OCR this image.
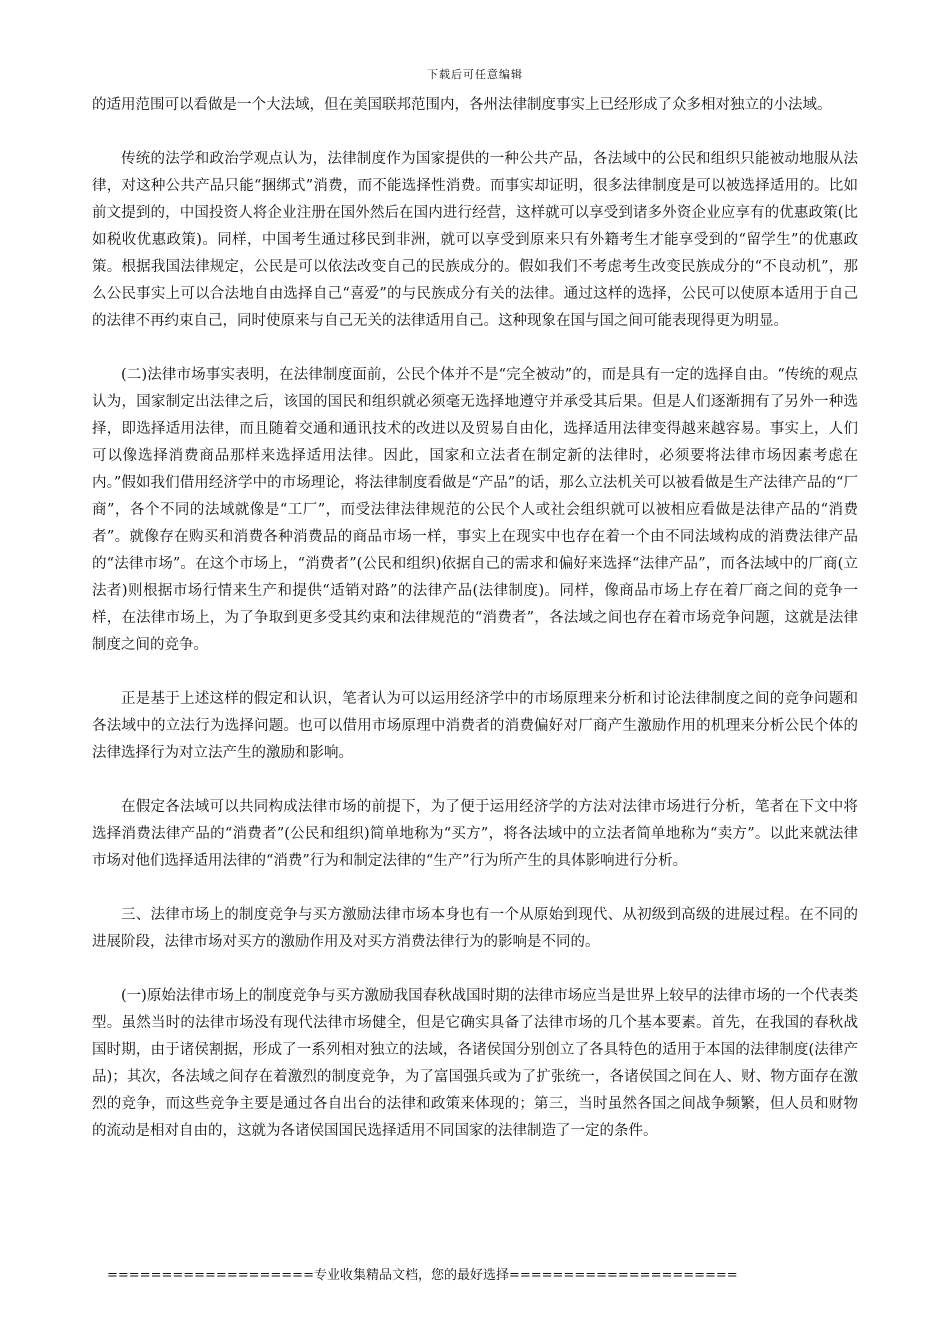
下载后可任意编辑

的适用范围可以看做是一个大法域，但在美国联邦范围内，各州法律制度事实上已经形成了众多相对独立的小法域。

传统的法学和政治学观点认为，法律制度作为国家提供的一种公共产品，各法域中的公民和组织只能被动地服从法律，对这种公共产品只能“捆绑式”消费，而不能选择性消费。而事实却证明，很多法律制度是可以被选择适用的。比如前文提到的，中国投资人将企业注册在国外然后在国内进行经营，这样就可以享受到诸多外资企业应享有的优惠政策(比如税收优惠政策)。同样，中国考生通过移民到非洲，就可以享受到原来只有外籍考生才能享受到的“留学生”的优惠政策。根据我国法律规定，公民是可以依法改变自己的民族成分的。假如我们不考虑考生改变民族成分的“不良动机”，那么公民事实上可以合法地自由选择自己“喜爱”的与民族成分有关的法律。通过这样的选择，公民可以使原本适用于自己的法律不再约束自己，同时使原来与自己无关的法律适用自己。这种现象在国与国之间可能表现得更为明显。

(二)法律市场事实表明，在法律制度面前，公民个体并不是“完全被动”的，而是具有一定的选择自由。“传统的观点认为，国家制定出法律之后，该国的国民和组织就必须毫无选择地遵守并承受其后果。但是人们逐渐拥有了另外一种选择，即选择适用法律，而且随着交通和通讯技术的改进以及贸易自由化，选择适用法律变得越来越容易。事实上，人们可以像选择消费商品那样来选择适用法律。因此，国家和立法者在制定新的法律时，必须要将法律市场因素考虑在内。”假如我们借用经济学中的市场理论，将法律制度看做是“产品”的话，那么立法机关可以被看做是生产法律产品的“厂商”，各个不同的法域就像是“工厂”，而受法律法律规范的公民个人或社会组织就可以被相应看做是法律产品的“消费者”。就像存在购买和消费各种消费品的商品市场一样，事实上在现实中也存在着一个由不同法域构成的消费法律产品的“法律市场”。在这个市场上，“消费者”(公民和组织)依据自己的需求和偏好来选择“法律产品”，而各法域中的厂商(立法者)则根据市场行情来生产和提供“适销对路”的法律产品(法律制度)。同样，像商品市场上存在着厂商之间的竞争一样，在法律市场上，为了争取到更多受其约束和法律规范的“消费者”，各法域之间也存在着市场竞争问题，这就是法律制度之间的竞争。

正是基于上述这样的假定和认识，笔者认为可以运用经济学中的市场原理来分析和讨论法律制度之间的竞争问题和各法域中的立法行为选择问题。也可以借用市场原理中消费者的消费偏好对厂商产生激励作用的机理来分析公民个体的法律选择行为对立法产生的激励和影响。

在假定各法域可以共同构成法律市场的前提下，为了便于运用经济学的方法对法律市场进行分析，笔者在下文中将选择消费法律产品的“消费者”(公民和组织)简单地称为“买方”，将各法域中的立法者简单地称为“卖方”。以此来就法律市场对他们选择适用法律的“消费”行为和制定法律的“生产”行为所产生的具体影响进行分析。

三、法律市场上的制度竞争与买方激励法律市场本身也有一个从原始到现代、从初级到高级的进展过程。在不同的进展阶段，法律市场对买方的激励作用及对买方消费法律行为的影响是不同的。

(一)原始法律市场上的制度竞争与买方激励我国春秋战国时期的法律市场应当是世界上较早的法律市场的一个代表类型。虽然当时的法律市场没有现代法律市场健全，但是它确实具备了法律市场的几个基本要素。首先，在我国的春秋战国时期，由于诸侯割据，形成了一系列相对独立的法域，各诸侯国分别创立了各具特色的适用于本国的法律制度(法律产品)；其次，各法域之间存在着激烈的制度竞争，为了富国强兵或为了扩张统一，各诸侯国之间在人、财、物方面存在激烈的竞争，而这些竞争主要是通过各自出台的法律和政策来体现的；第三，当时虽然各国之间战争频繁，但人员和财物的流动是相对自由的，这就为各诸侯国国民选择适用不同国家的法律制造了一定的条件。

===================专业收集精品文档，您的最好选择=====================
